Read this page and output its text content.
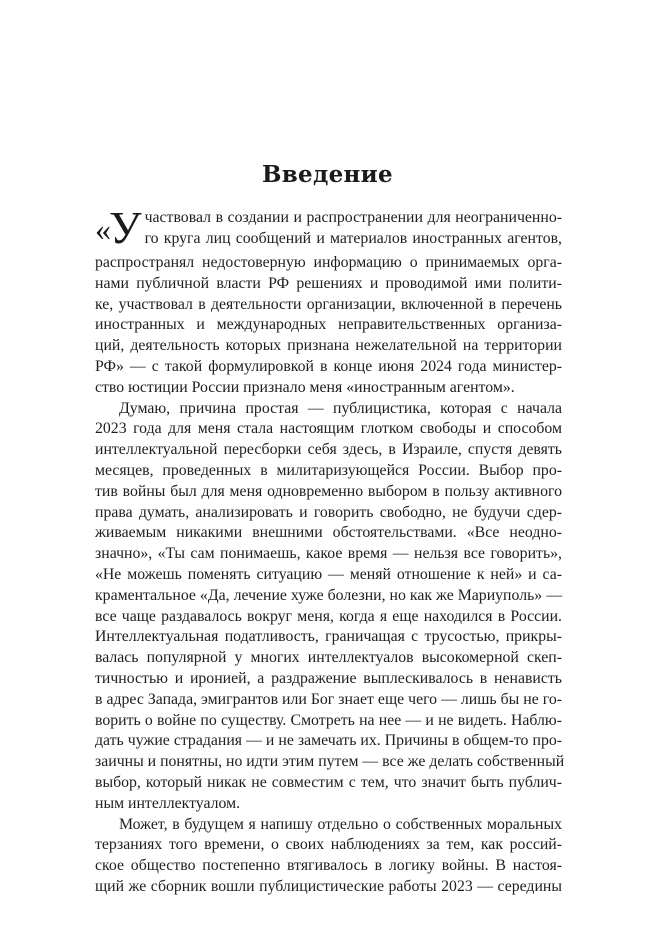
Введение
«У частвовал в создании и распространении для неограниченно-
го круга лиц сообщений и материалов иностранных агентов,
распространял недостоверную информацию о принимаемых орга-
нами публичной власти РФ решениях и проводимой ими полити-
ке, участвовал в деятельности организации, включенной в перечень
иностранных и международных неправительственных организа-
ций, деятельность которых признана нежелательной на территории
РФ» — с такой формулировкой в конце июня 2024 года министер-
ство юстиции России признало меня «иностранным агентом».
Думаю, причина простая — публицистика, которая с начала
2023 года для меня стала настоящим глотком свободы и способом
интеллектуальной пересборки себя здесь, в Израиле, спустя девять
месяцев, проведенных в милитаризующейся России. Выбор про-
тив войны был для меня одновременно выбором в пользу активного
права думать, анализировать и говорить свободно, не будучи сдер-
живаемым никакими внешними обстоятельствами. «Все неодно-
значно», «Ты сам понимаешь, какое время — нельзя все говорить»,
«Не можешь поменять ситуацию — меняй отношение к ней» и са-
краментальное «Да, лечение хуже болезни, но как же Мариуполь» —
все чаще раздавалось вокруг меня, когда я еще находился в России.
Интеллектуальная податливость, граничащая с трусостью, прикры-
валась популярной у многих интеллектуалов высокомерной скеп-
тичностью и иронией, а раздражение выплескивалось в ненависть
в адрес Запада, эмигрантов или Бог знает еще чего — лишь бы не го-
ворить о войне по существу. Смотреть на нее — и не видеть. Наблю-
дать чужие страдания — и не замечать их. Причины в общем-то про-
заичны и понятны, но идти этим путем — все же делать собственный
выбор, который никак не совместим с тем, что значит быть публич-
ным интеллектуалом.
Может, в будущем я напишу отдельно о собственных моральных
терзаниях того времени, о своих наблюдениях за тем, как россий-
ское общество постепенно втягивалось в логику войны. В настоя-
щий же сборник вошли публицистические работы 2023 — середины
